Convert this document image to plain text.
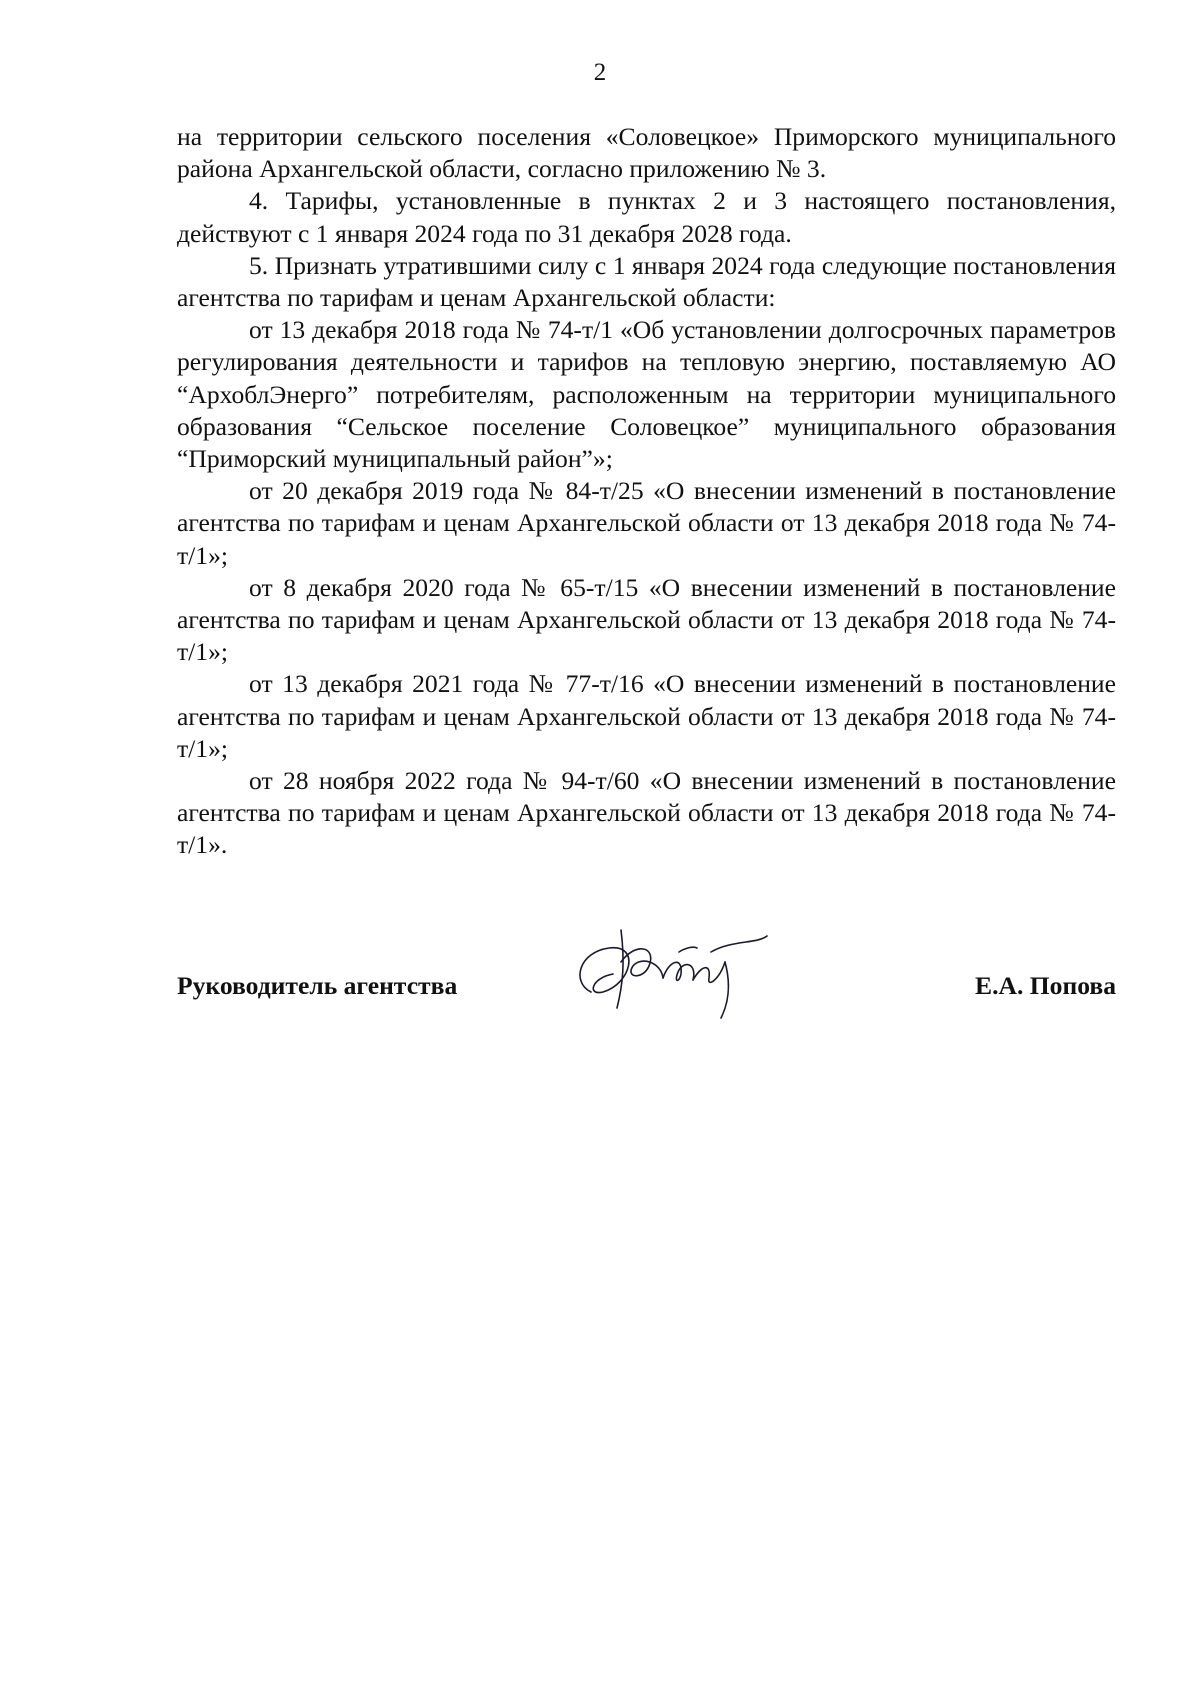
2

на территории сельского поселения «Соловецкое» Приморского муниципального района Архангельской области, согласно приложению № 3.

4. Тарифы, установленные в пунктах 2 и 3 настоящего постановления, действуют с 1 января 2024 года по 31 декабря 2028 года.

5. Признать утратившими силу с 1 января 2024 года следующие постановления агентства по тарифам и ценам Архангельской области:

от 13 декабря 2018 года № 74-т/1 «Об установлении долгосрочных параметров регулирования деятельности и тарифов на тепловую энергию, поставляемую АО “АрхоблЭнерго” потребителям, расположенным на территории муниципального образования “Сельское поселение Соловецкое” муниципального образования “Приморский муниципальный район”»;

от 20 декабря 2019 года № 84-т/25 «О внесении изменений в постановление агентства по тарифам и ценам Архангельской области от 13 декабря 2018 года № 74-т/1»;

от 8 декабря 2020 года № 65-т/15 «О внесении изменений в постановление агентства по тарифам и ценам Архангельской области от 13 декабря 2018 года № 74-т/1»;

от 13 декабря 2021 года № 77-т/16 «О внесении изменений в постановление агентства по тарифам и ценам Архангельской области от 13 декабря 2018 года № 74-т/1»;

от 28 ноября 2022 года № 94-т/60 «О внесении изменений в постановление агентства по тарифам и ценам Архангельской области от 13 декабря 2018 года № 74-т/1».

Руководитель агентства	Е.А. Попова
